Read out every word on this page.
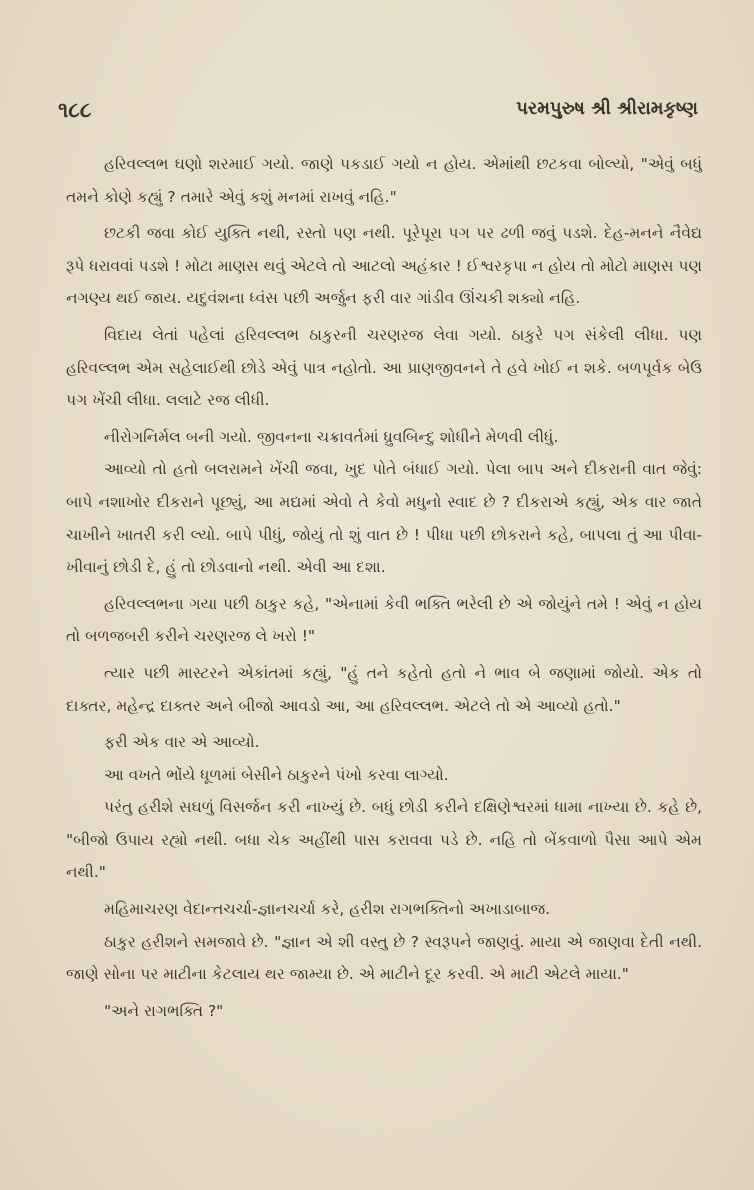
૧૮૮	પરમપુરુષ શ્રી શ્રીરામકૃષ્ણ

હરિવલ્લભ ઘણો શરમાઈ ગયો. જાણે પકડાઈ ગયો ન હોય. એમાંથી છટકવા બોલ્યો, "એવું બધું તમને કોણે કહ્યું ? તમારે એવું કશું મનમાં રાખવું નહિ."

છટકી જવા કોઈ યુક્તિ નથી, રસ્તો પણ નથી. પૂરેપૂરા પગ પર ઢળી જવું પડશે. દેહ-મનને નૈવેદ્ય રૂપે ધરાવવાં પડશે ! મોટા માણસ થવું એટલે તો આટલો અહંકાર ! ઈશ્વરકૃપા ન હોય તો મોટો માણસ પણ નગણ્ય થઈ જાય. યદુવંશના ધ્વંસ પછી અર્જુન ફરી વાર ગાંડીવ ઊંચકી શક્યો નહિ.

વિદાય લેતાં પહેલાં હરિવલ્લભ ઠાકુરની ચરણરજ લેવા ગયો. ઠાકુરે પગ સંકેલી લીધા. પણ હરિવલ્લભ એમ સહેલાઈથી છોડે એવું પાત્ર નહોતો. આ પ્રાણજીવનને તે હવે ખોઈ ન શકે. બળપૂર્વક બેઉ પગ ખેંચી લીધા. લલાટે રજ લીધી.

નીરોગનિર્મલ બની ગયો. જીવનના ચક્રાવર્તમાં ધ્રુવબિન્દુ શોધીને મેળવી લીધું.

આવ્યો તો હતો બલરામને ખેંચી જવા, ખુદ પોતે બંધાઈ ગયો. પેલા બાપ અને દીકરાની વાત જેવું: બાપે નશાખોર દીકરાને પૂછ્યું, આ મદ્યમાં એવો તે કેવો મધુનો સ્વાદ છે ? દીકરાએ કહ્યું, એક વાર જાતે ચાખીને ખાતરી કરી લ્યો. બાપે પીધું, જોયું તો શું વાત છે ! પીધા પછી છોકરાને કહે, બાપલા તું આ પીવા-ખીવાનું છોડી દે, હું તો છોડવાનો નથી. એવી આ દશા.

હરિવલ્લભના ગયા પછી ઠાકુર કહે, "એનામાં કેવી ભક્તિ ભરેલી છે એ જોયુંને તમે ! એવું ન હોય તો બળજબરી કરીને ચરણરજ લે ખરો !"

ત્યાર પછી માસ્ટરને એકાંતમાં કહ્યું, "હું તને કહેતો હતો ને ભાવ બે જણામાં જોયો. એક તો દાક્તર, મહેન્દ્ર દાક્તર અને બીજો આવડો આ, આ હરિવલ્લભ. એટલે તો એ આવ્યો હતો."

ફરી એક વાર એ આવ્યો.

આ વખતે ભોંયે ધૂળમાં બેસીને ઠાકુરને પંખો કરવા લાગ્યો.

પરંતુ હરીશે સઘળું વિસર્જન કરી નાખ્યું છે. બધું છોડી કરીને દક્ષિણેશ્વરમાં ધામા નાખ્યા છે. કહે છે, "બીજો ઉપાય રહ્યો નથી. બધા ચેક અહીંથી પાસ કરાવવા પડે છે. નહિ તો બેંકવાળો પૈસા આપે એમ નથી."

મહિમાચરણ વેદાન્તચર્ચા-જ્ઞાનચર્ચા કરે, હરીશ રાગભક્તિનો અખાડાબાજ.

ઠાકુર હરીશને સમજાવે છે. "જ્ઞાન એ શી વસ્તુ છે ? સ્વરૂપને જાણવું. માયા એ જાણવા દેતી નથી. જાણે સોના પર માટીના કેટલાય થર જામ્યા છે. એ માટીને દૂર કરવી. એ માટી એટલે માયા."

"અને રાગભક્તિ ?"
